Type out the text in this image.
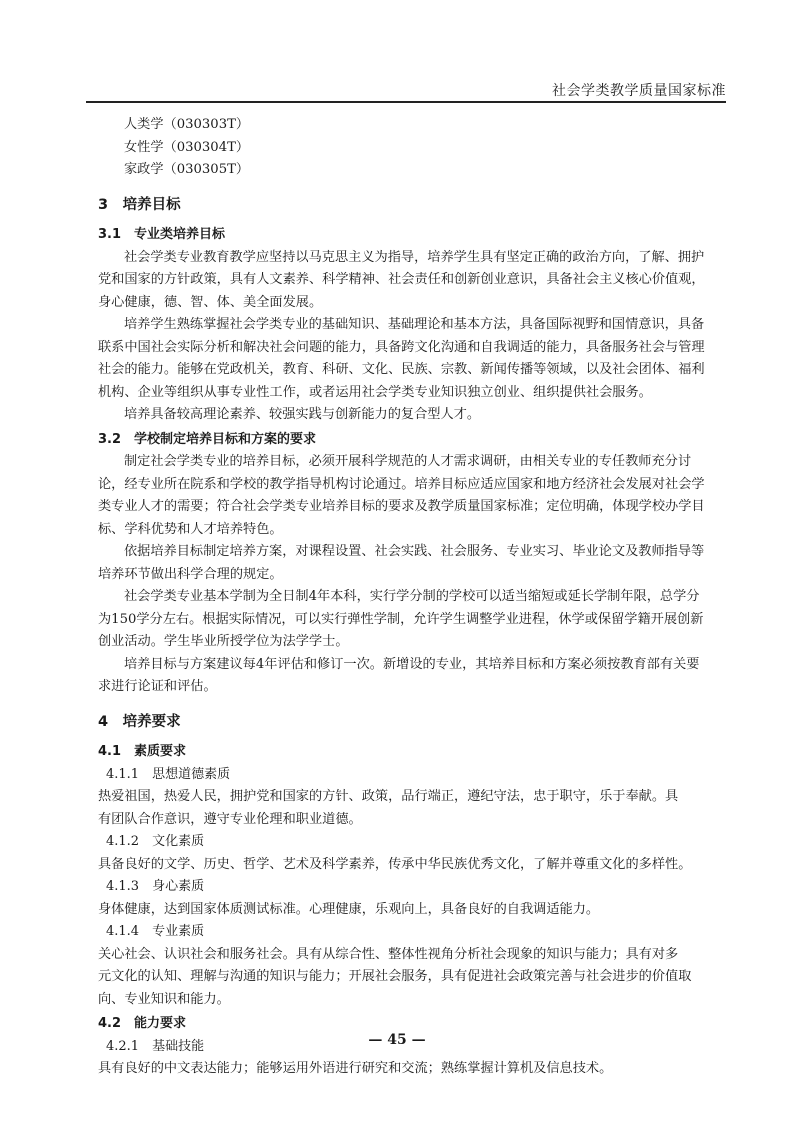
社会学类教学质量国家标准
人类学（030303T）
女性学（030304T）
家政学（030305T）
3　培养目标
3.1　专业类培养目标
社会学类专业教育教学应坚持以马克思主义为指导，培养学生具有坚定正确的政治方向，了解、拥护
党和国家的方针政策，具有人文素养、科学精神、社会责任和创新创业意识，具备社会主义核心价值观，
身心健康，德、智、体、美全面发展。
培养学生熟练掌握社会学类专业的基础知识、基础理论和基本方法，具备国际视野和国情意识，具备
联系中国社会实际分析和解决社会问题的能力，具备跨文化沟通和自我调适的能力，具备服务社会与管理
社会的能力。能够在党政机关，教育、科研、文化、民族、宗教、新闻传播等领域，以及社会团体、福利
机构、企业等组织从事专业性工作，或者运用社会学类专业知识独立创业、组织提供社会服务。
培养具备较高理论素养、较强实践与创新能力的复合型人才。
3.2　学校制定培养目标和方案的要求
制定社会学类专业的培养目标，必须开展科学规范的人才需求调研，由相关专业的专任教师充分讨
论，经专业所在院系和学校的教学指导机构讨论通过。培养目标应适应国家和地方经济社会发展对社会学
类专业人才的需要；符合社会学类专业培养目标的要求及教学质量国家标准；定位明确，体现学校办学目
标、学科优势和人才培养特色。
依据培养目标制定培养方案，对课程设置、社会实践、社会服务、专业实习、毕业论文及教师指导等
培养环节做出科学合理的规定。
社会学类专业基本学制为全日制4年本科，实行学分制的学校可以适当缩短或延长学制年限，总学分
为150学分左右。根据实际情况，可以实行弹性学制，允许学生调整学业进程，休学或保留学籍开展创新
创业活动。学生毕业所授学位为法学学士。
培养目标与方案建议每4年评估和修订一次。新增设的专业，其培养目标和方案必须按教育部有关要
求进行论证和评估。
4　培养要求
4.1　素质要求
4.1.1　思想道德素质
热爱祖国，热爱人民，拥护党和国家的方针、政策，品行端正，遵纪守法，忠于职守，乐于奉献。具
有团队合作意识，遵守专业伦理和职业道德。
4.1.2　文化素质
具备良好的文学、历史、哲学、艺术及科学素养，传承中华民族优秀文化，了解并尊重文化的多样性。
4.1.3　身心素质
身体健康，达到国家体质测试标准。心理健康，乐观向上，具备良好的自我调适能力。
4.1.4　专业素质
关心社会、认识社会和服务社会。具有从综合性、整体性视角分析社会现象的知识与能力；具有对多
元文化的认知、理解与沟通的知识与能力；开展社会服务，具有促进社会政策完善与社会进步的价值取
向、专业知识和能力。
4.2　能力要求
4.2.1　基础技能
具有良好的中文表达能力；能够运用外语进行研究和交流；熟练掌握计算机及信息技术。
— 45 —
